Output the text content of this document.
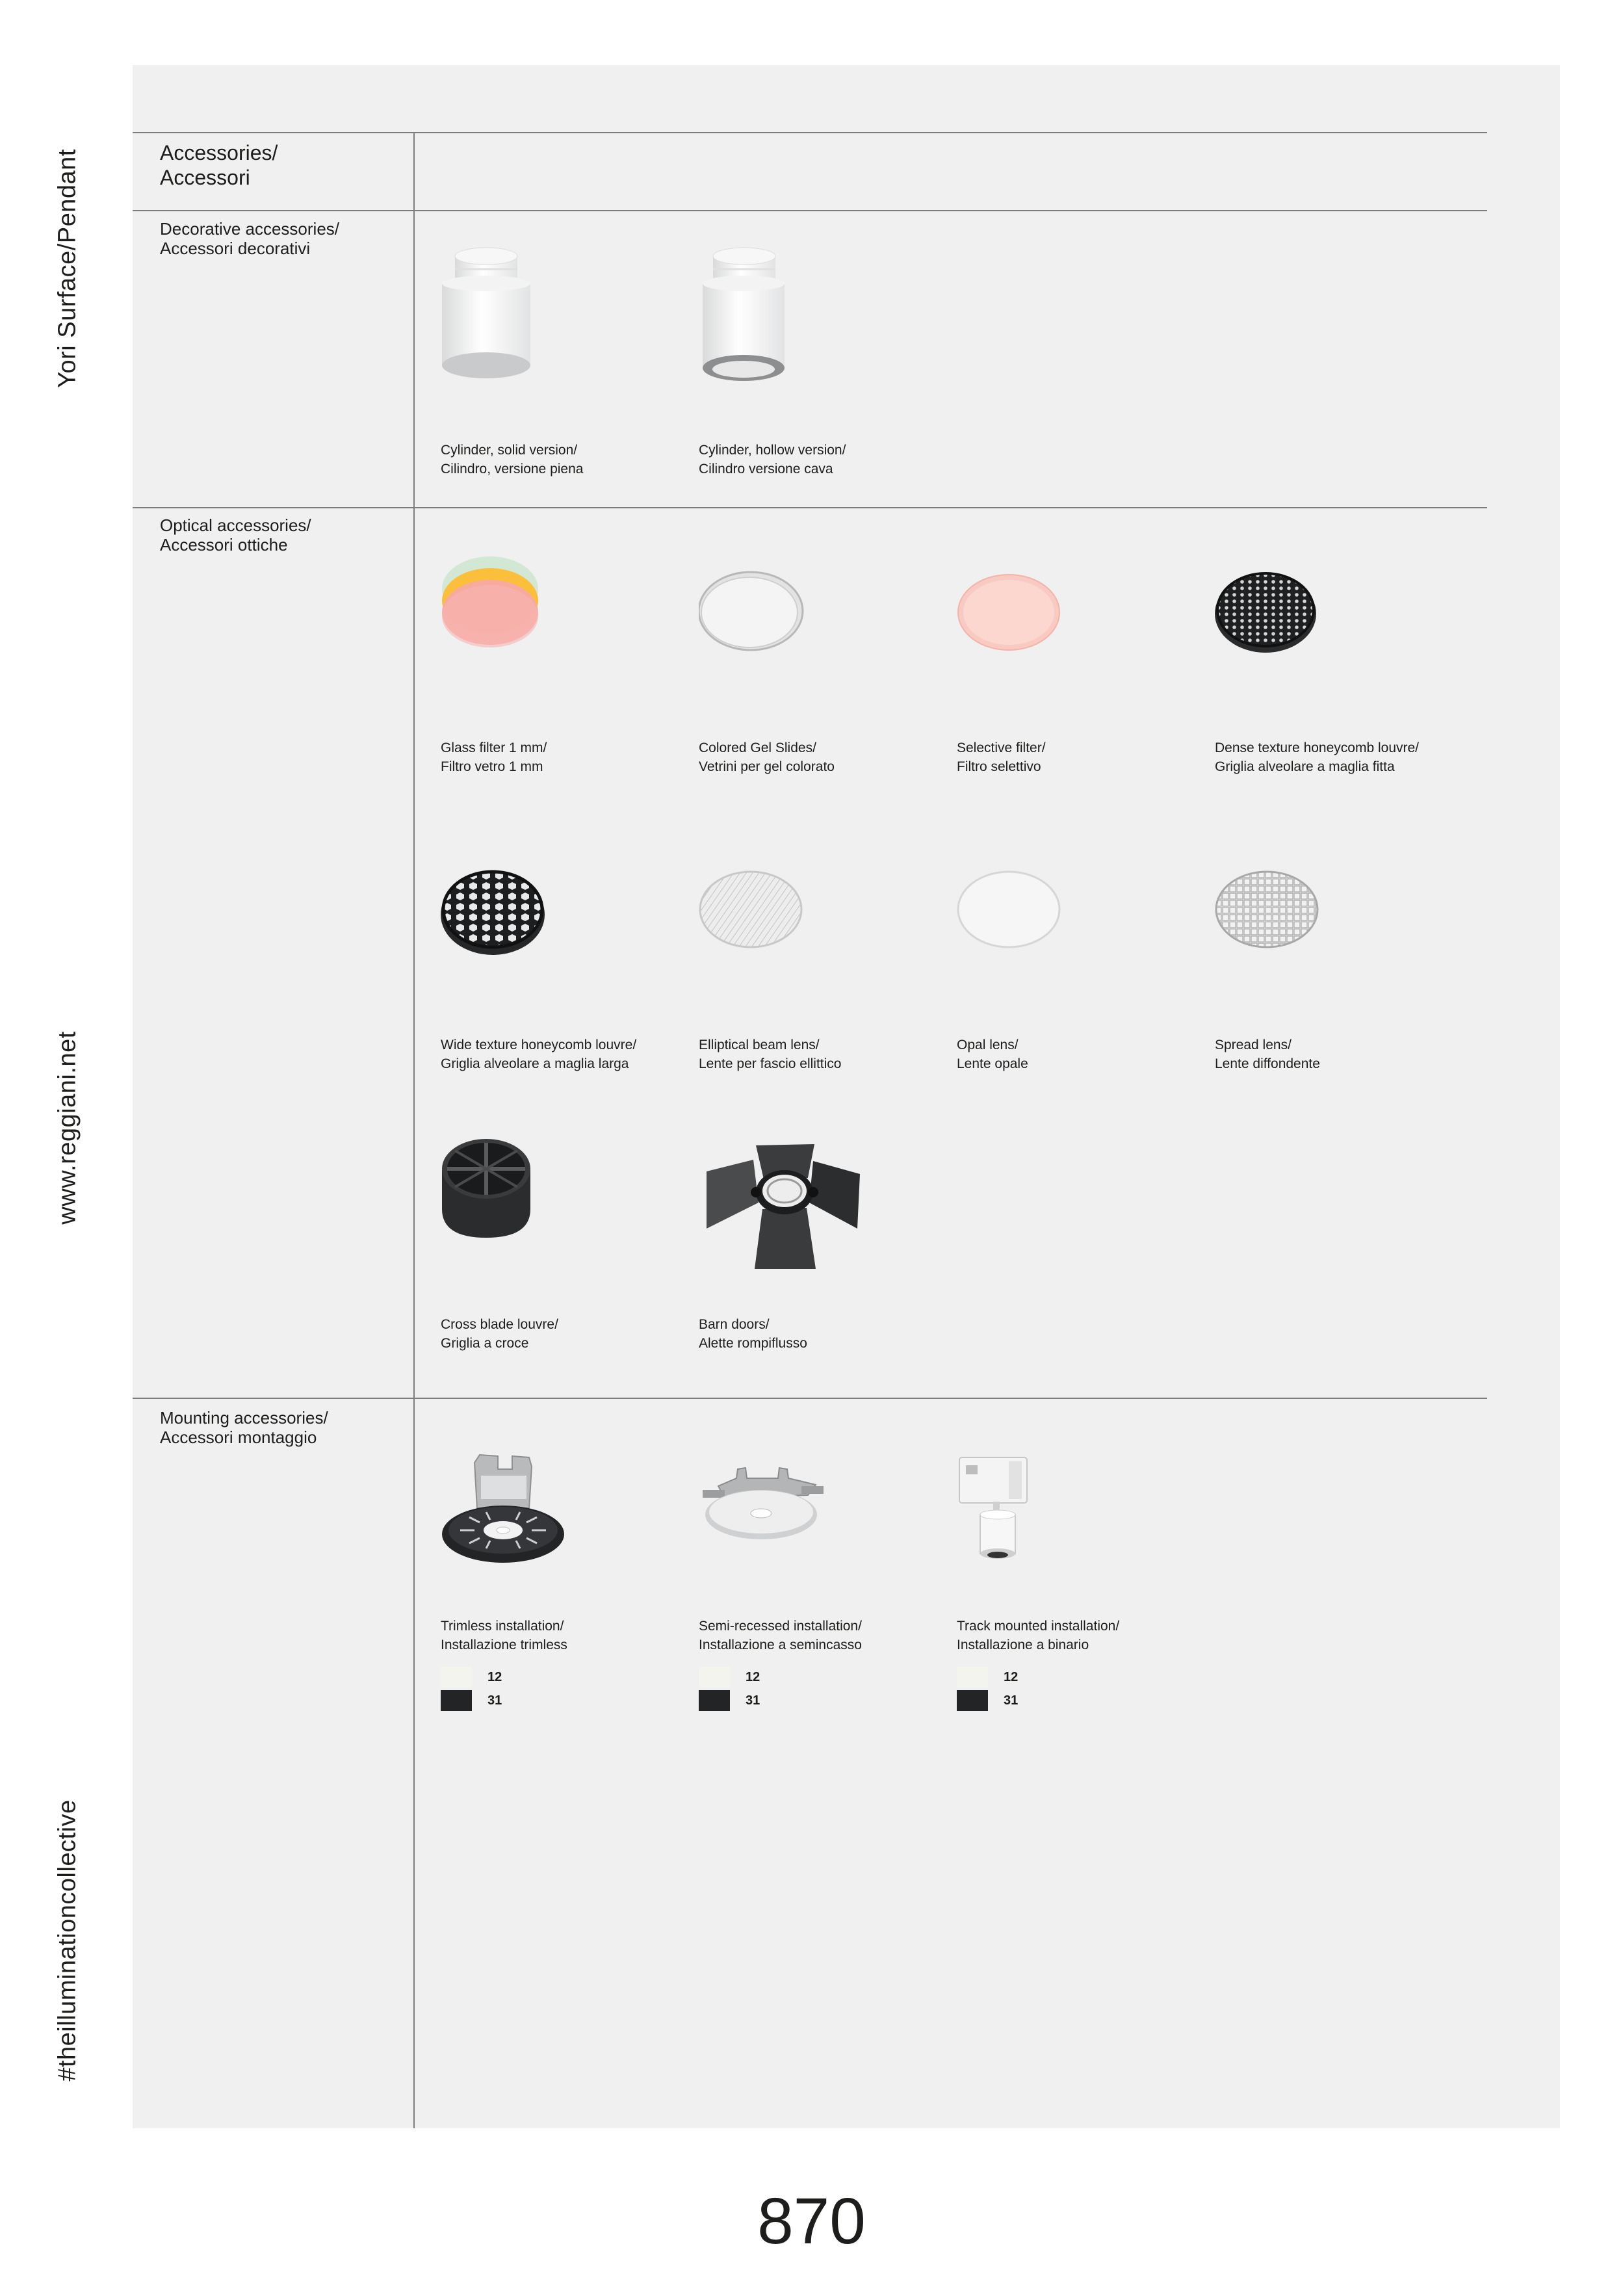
Yori Surface/Pendant
www.reggiani.net
#theilluminationcollective
Accessories/
Accessori
Decorative accessories/
Accessori decorativi
Cylinder, solid version/
Cilindro, versione piena
Cylinder, hollow version/
Cilindro versione cava
Optical accessories/
Accessori ottiche
Glass filter 1 mm/
Filtro vetro 1 mm
Colored Gel Slides/
Vetrini per gel colorato
Selective filter/
Filtro selettivo
Dense texture honeycomb louvre/
Griglia alveolare a maglia fitta
Wide texture honeycomb louvre/
Griglia alveolare a maglia larga
Elliptical beam lens/
Lente per fascio ellittico
Opal lens/
Lente opale
Spread lens/
Lente diffondente
Cross blade louvre/
Griglia a croce
Barn doors/
Alette rompiflusso
Mounting accessories/
Accessori montaggio
Trimless installation/
Installazione trimless
12
31
Semi-recessed installation/
Installazione a semincasso
12
31
Track mounted installation/
Installazione a binario
12
31
870
